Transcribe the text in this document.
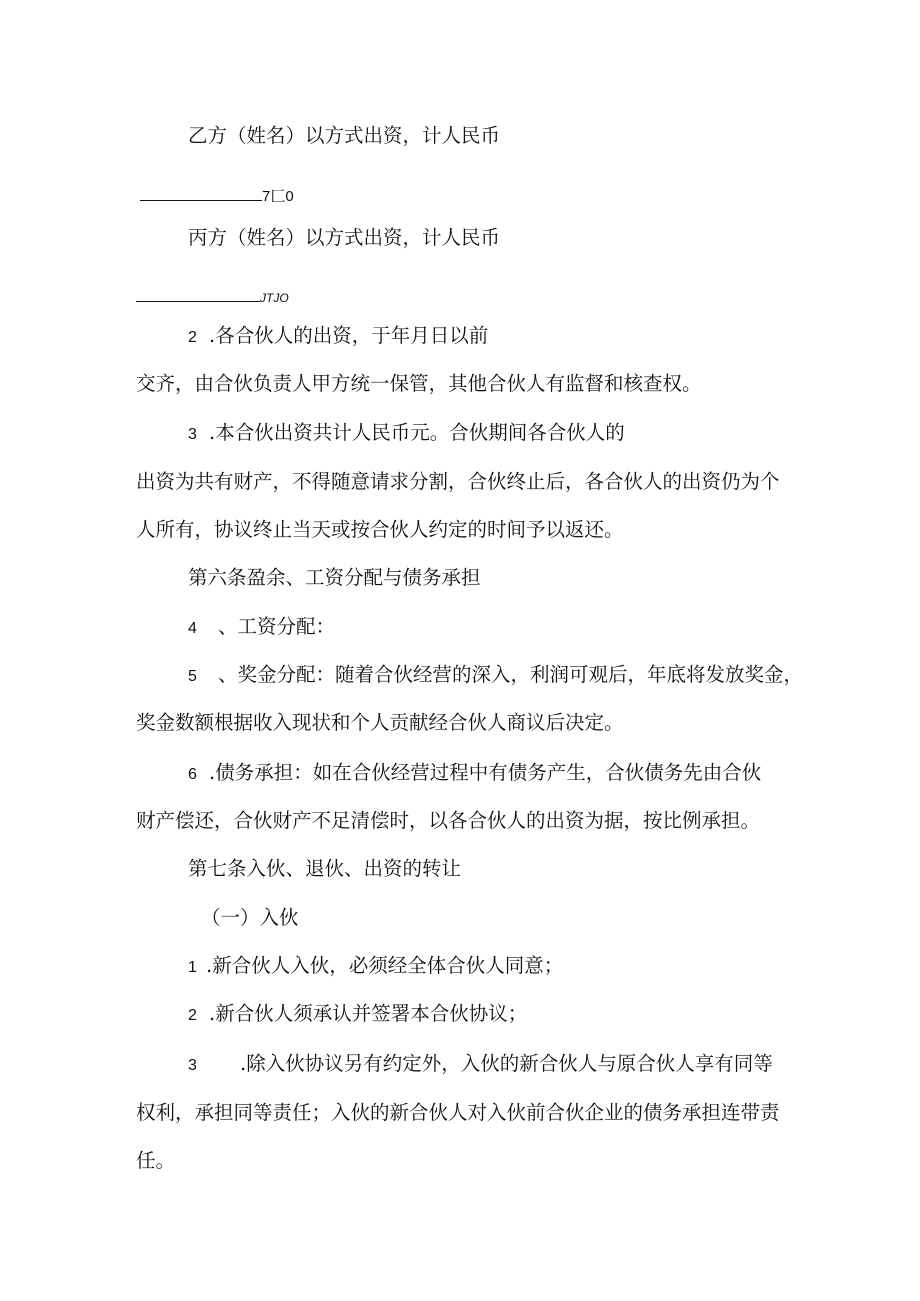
乙方（姓名）以方式出资，计人民币
7匚0
丙方（姓名）以方式出资，计人民币
JTJO
2 .各合伙人的出资，于年月日以前
交齐，由合伙负责人甲方统一保管，其他合伙人有监督和核查权。
3 .本合伙出资共计人民币元。合伙期间各合伙人的
出资为共有财产，不得随意请求分割，合伙终止后，各合伙人的出资仍为个
人所有，协议终止当天或按合伙人约定的时间予以返还。
第六条盈余、工资分配与债务承担
4 、工资分配：
5 、奖金分配：随着合伙经营的深入，利润可观后，年底将发放奖金，
奖金数额根据收入现状和个人贡献经合伙人商议后决定。
6 .债务承担：如在合伙经营过程中有债务产生，合伙债务先由合伙
财产偿还，合伙财产不足清偿时，以各合伙人的出资为据，按比例承担。
第七条入伙、退伙、出资的转让
（一）入伙
1 .新合伙人入伙，必须经全体合伙人同意；
2 .新合伙人须承认并签署本合伙协议；
3 .除入伙协议另有约定外，入伙的新合伙人与原合伙人享有同等
权利，承担同等责任；入伙的新合伙人对入伙前合伙企业的债务承担连带责
任。
